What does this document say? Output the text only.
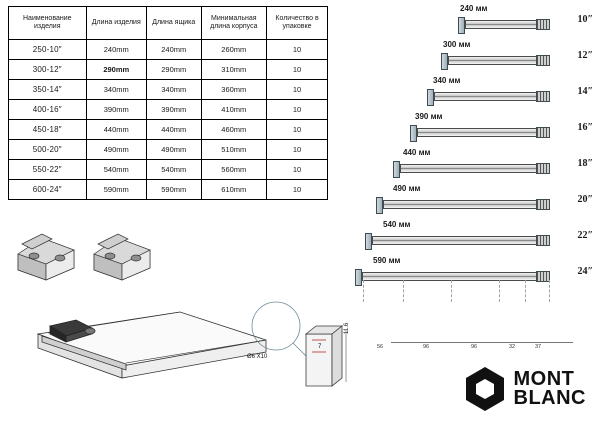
Наименование изделия	Длина изделия	Длина ящика	Минимальная длина корпуса	Количество в упаковке
250-10″	240mm	240mm	260mm	10
300-12″	290mm	290mm	310mm	10
350-14″	340mm	340mm	360mm	10
400-16″	390mm	390mm	410mm	10
450-18″	440mm	440mm	460mm	10
500-20″	490mm	490mm	510mm	10
550-22″	540mm	540mm	560mm	10
600-24″	590mm	590mm	610mm	10
240 мм
10″
300 мм
12″
340 мм
14″
390 мм
16″
440 мм
18″
490 мм
20″
540 мм
22″
590 мм
24″
56	96	96	32	37
Ø6 X10
11.6
7
MONT
BLANC
